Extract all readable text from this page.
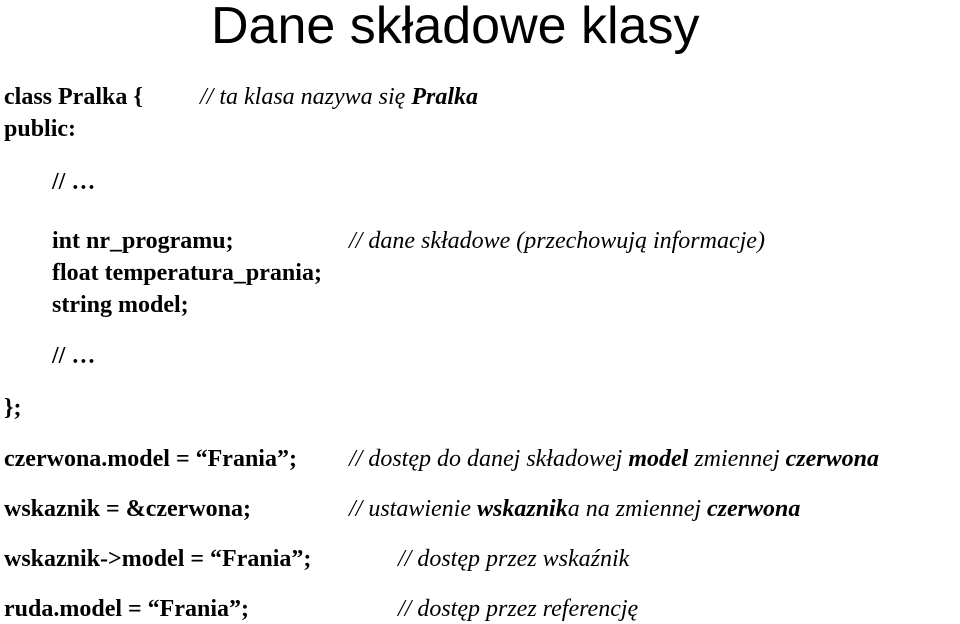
Dane składowe klasy
class Pralka { // ta klasa nazywa się Pralka
public:
// …
int nr_programu;	// dane składowe (przechowują informacje)
float temperatura_prania;
string model;
// …
};
czerwona.model = “Frania”; // dostęp do danej składowej model zmiennej czerwona
wskaznik = &czerwona;	// ustawienie wskaznika na zmiennej czerwona
wskaznik->model = “Frania”;	// dostęp przez wskaźnik
ruda.model = “Frania”;	// dostęp przez referencję
